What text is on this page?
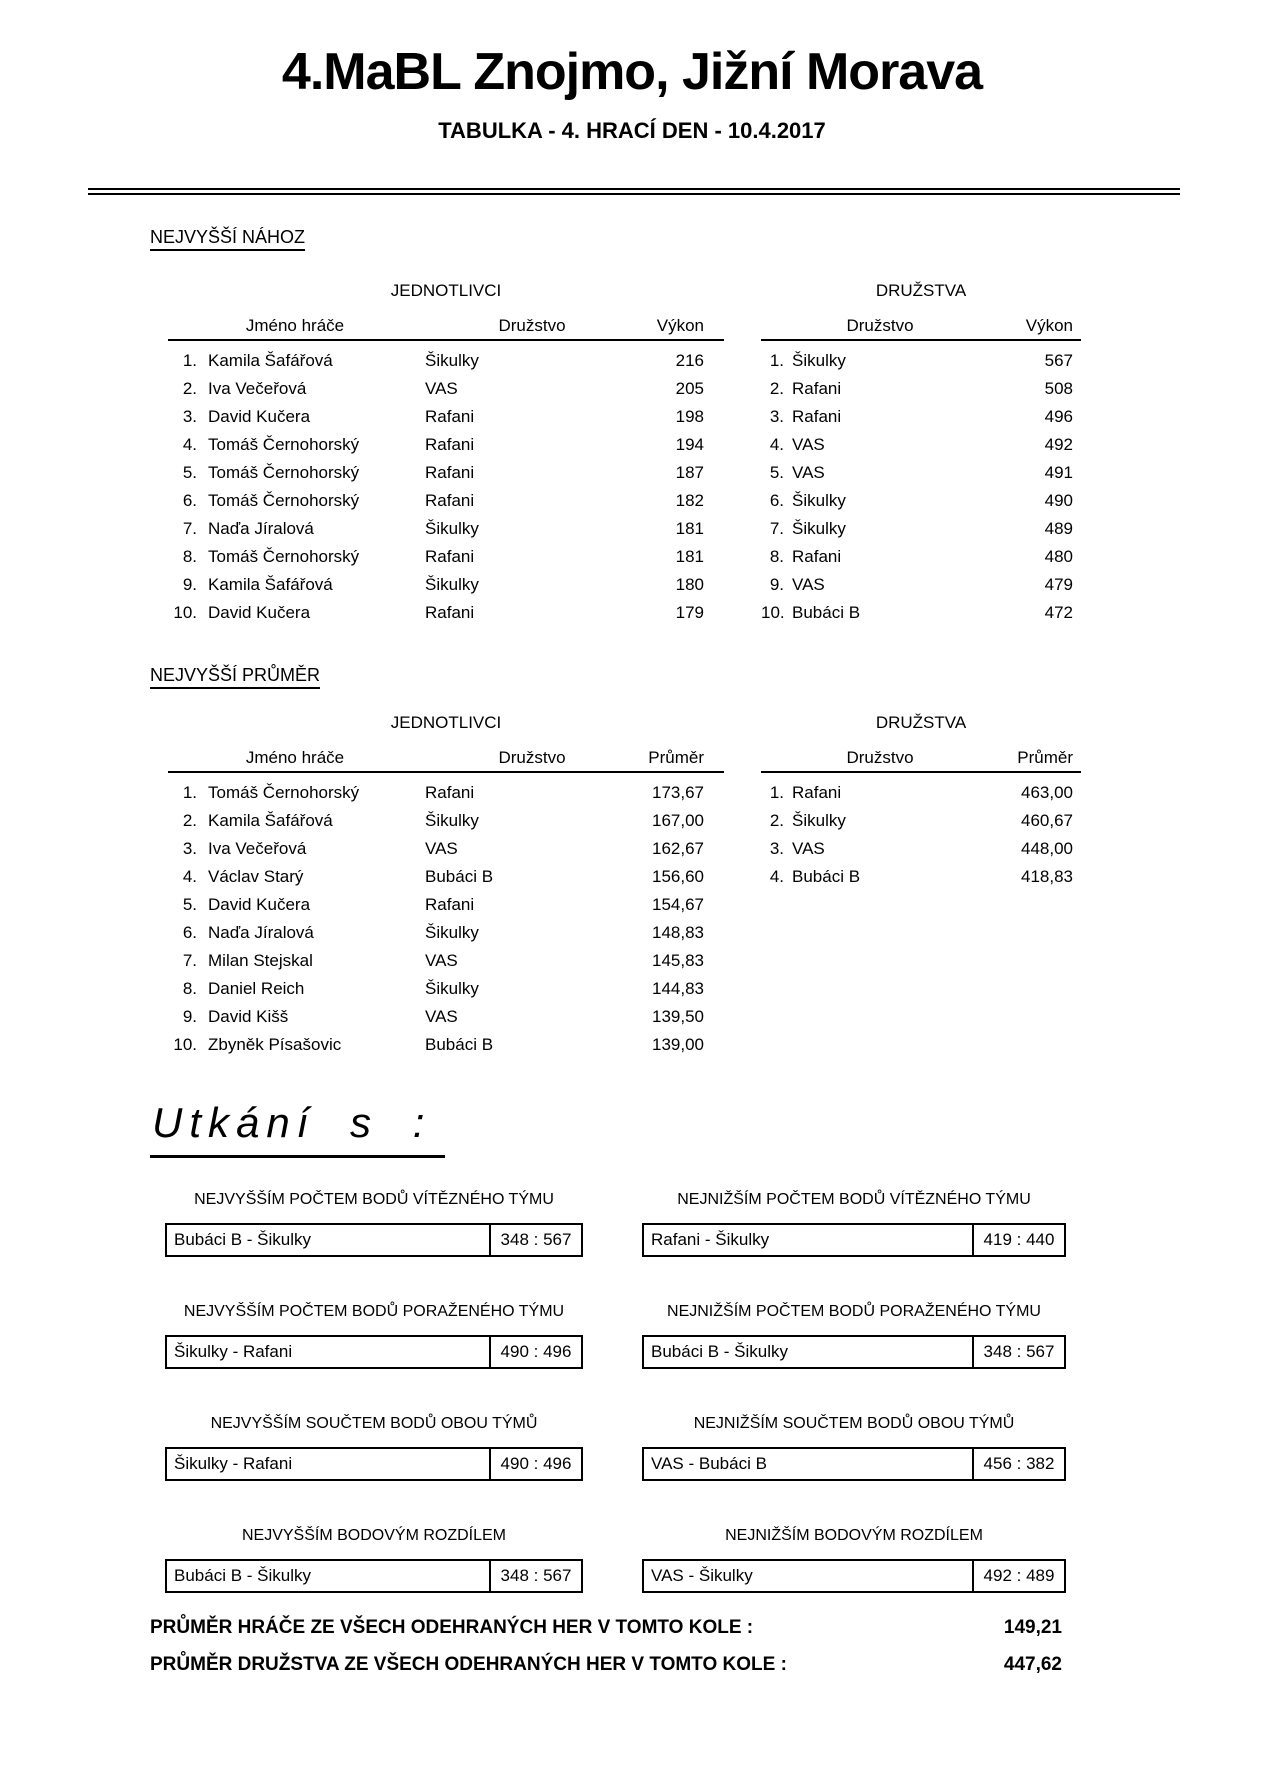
4.MaBL Znojmo, Jižní Morava
TABULKA - 4. HRACÍ DEN - 10.4.2017
NEJVYŠŠÍ NÁHOZ
JEDNOTLIVCI
Jméno hráče		Družstvo	Výkon
1.	Kamila Šafářová	Šikulky	216
2.	Iva Večeřová	VAS	205
3.	David Kučera	Rafani	198
4.	Tomáš Černohorský	Rafani	194
5.	Tomáš Černohorský	Rafani	187
6.	Tomáš Černohorský	Rafani	182
7.	Naďa Jíralová	Šikulky	181
8.	Tomáš Černohorský	Rafani	181
9.	Kamila Šafářová	Šikulky	180
10.	David Kučera	Rafani	179
DRUŽSTVA
Družstvo		Výkon
1.	Šikulky	567
2.	Rafani	508
3.	Rafani	496
4.	VAS	492
5.	VAS	491
6.	Šikulky	490
7.	Šikulky	489
8.	Rafani	480
9.	VAS	479
10.	Bubáci B	472
NEJVYŠŠÍ PRŮMĚR
JEDNOTLIVCI
Jméno hráče		Družstvo	Průměr
1.	Tomáš Černohorský	Rafani	173,67
2.	Kamila Šafářová	Šikulky	167,00
3.	Iva Večeřová	VAS	162,67
4.	Václav Starý	Bubáci B	156,60
5.	David Kučera	Rafani	154,67
6.	Naďa Jíralová	Šikulky	148,83
7.	Milan Stejskal	VAS	145,83
8.	Daniel Reich	Šikulky	144,83
9.	David Kišš	VAS	139,50
10.	Zbyněk Písašovic	Bubáci B	139,00
DRUŽSTVA
Družstvo		Průměr
1.	Rafani	463,00
2.	Šikulky	460,67
3.	VAS	448,00
4.	Bubáci B	418,83
Utkání s :
NEJVYŠŠÍM POČTEM BODŮ VÍTĚZNÉHO TÝMU
Bubáci B - Šikulky	348 : 567
NEJNIŽŠÍM POČTEM BODŮ VÍTĚZNÉHO TÝMU
Rafani - Šikulky	419 : 440
NEJVYŠŠÍM POČTEM BODŮ PORAŽENÉHO TÝMU
Šikulky - Rafani	490 : 496
NEJNIŽŠÍM POČTEM BODŮ PORAŽENÉHO TÝMU
Bubáci B - Šikulky	348 : 567
NEJVYŠŠÍM SOUČTEM BODŮ OBOU TÝMŮ
Šikulky - Rafani	490 : 496
NEJNIŽŠÍM SOUČTEM BODŮ OBOU TÝMŮ
VAS - Bubáci B	456 : 382
NEJVYŠŠÍM BODOVÝM ROZDÍLEM
Bubáci B - Šikulky	348 : 567
NEJNIŽŠÍM BODOVÝM ROZDÍLEM
VAS - Šikulky	492 : 489
PRŮMĚR HRÁČE ZE VŠECH ODEHRANÝCH HER V TOMTO KOLE :	149,21
PRŮMĚR DRUŽSTVA ZE VŠECH ODEHRANÝCH HER V TOMTO KOLE :	447,62
